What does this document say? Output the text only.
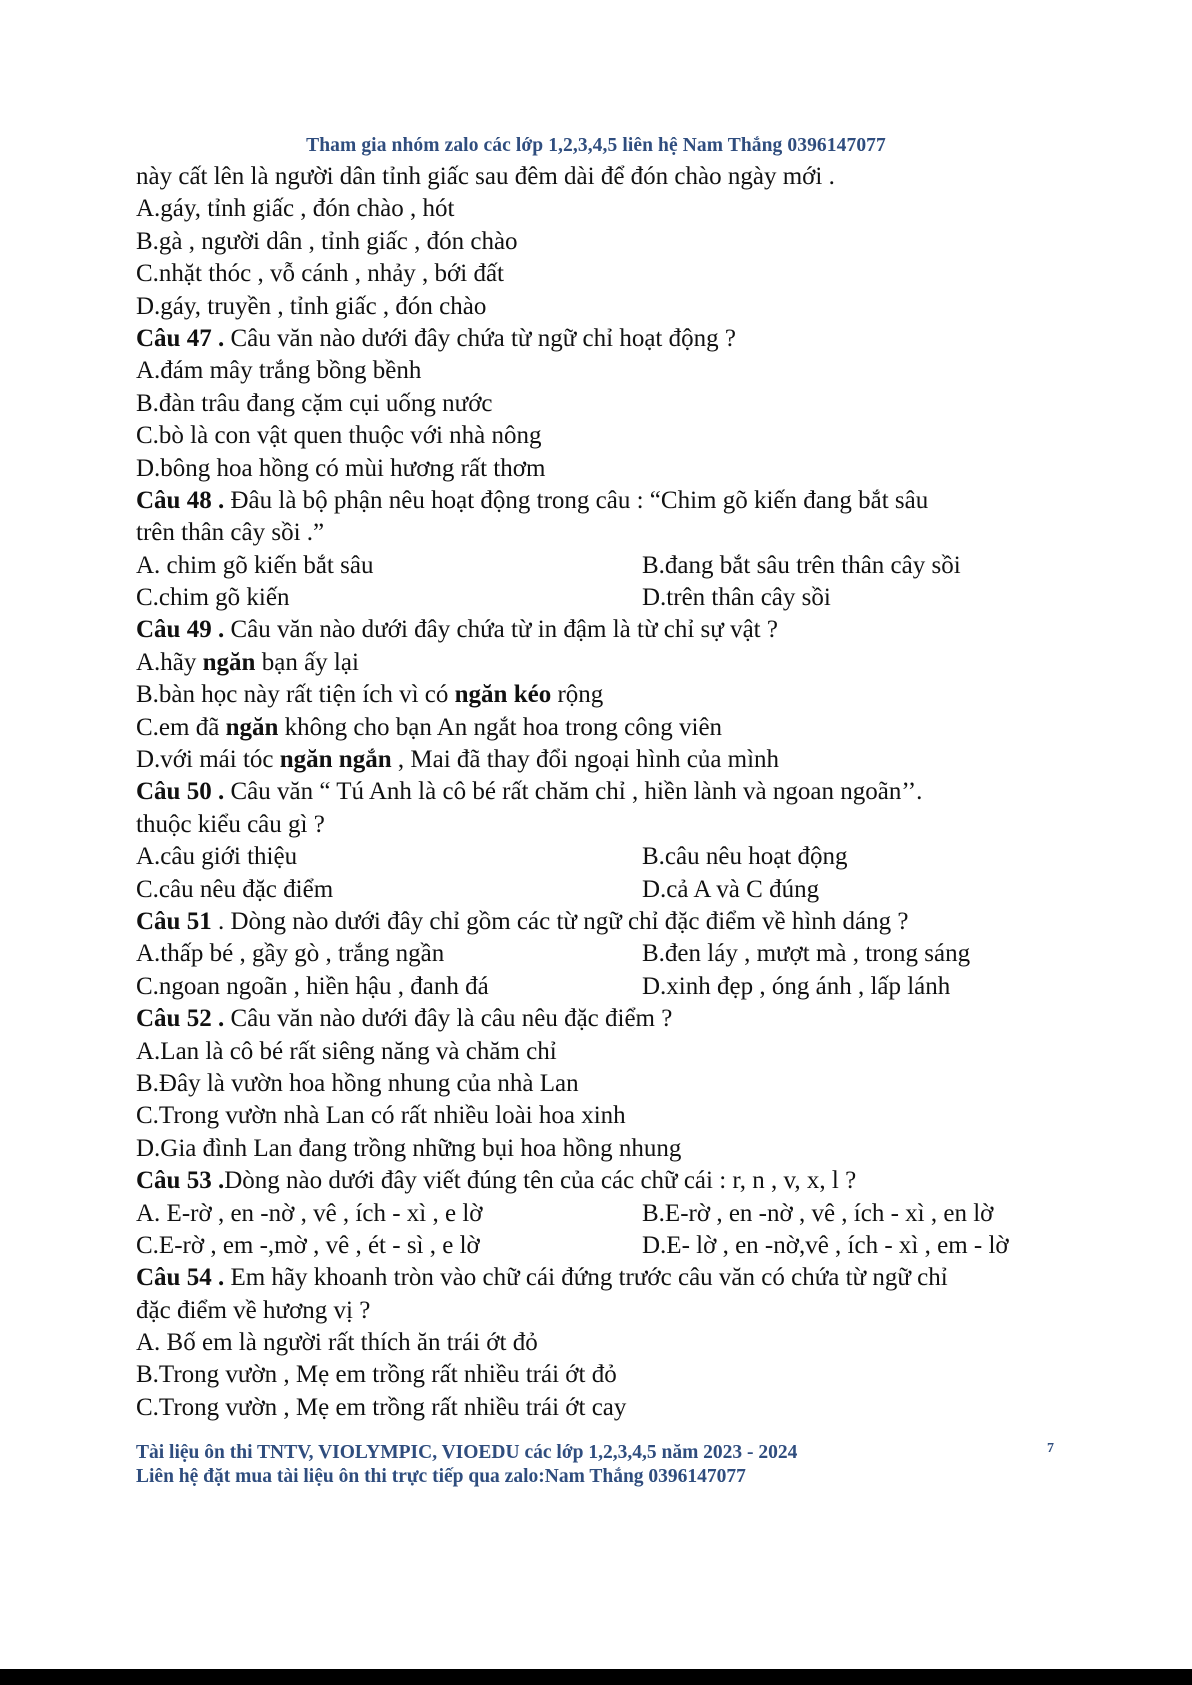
Tham gia nhóm zalo các lớp 1,2,3,4,5 liên hệ Nam Thắng 0396147077
này cất lên là người dân tỉnh giấc sau đêm dài để đón chào ngày mới .
A.gáy, tỉnh giấc , đón chào , hót
B.gà , người dân , tỉnh giấc , đón chào
C.nhặt thóc , vỗ cánh , nhảy , bới đất
D.gáy, truyền , tỉnh giấc , đón chào
Câu 47 . Câu văn nào dưới đây chứa từ ngữ chỉ hoạt động ?
A.đám mây trắng bồng bềnh
B.đàn trâu đang cặm cụi uống nước
C.bò là con vật quen thuộc với nhà nông
D.bông hoa hồng có mùi hương rất thơm
Câu 48 . Đâu là bộ phận nêu hoạt động trong câu : “Chim gõ kiến đang bắt sâu
trên thân cây sồi .”
A. chim gõ kiến bắt sâu	B.đang bắt sâu trên thân cây sồi
C.chim gõ kiến	D.trên thân cây sồi
Câu 49 . Câu văn nào dưới đây chứa từ in đậm là từ chỉ sự vật ?
A.hãy ngăn bạn ấy lại
B.bàn học này rất tiện ích vì có ngăn kéo rộng
C.em đã ngăn không cho bạn An ngắt hoa trong công viên
D.với mái tóc ngăn ngắn , Mai đã thay đổi ngoại hình của mình
Câu 50 . Câu văn “ Tú Anh là cô bé rất chăm chỉ , hiền lành và ngoan ngoãn’’.
thuộc kiểu câu gì ?
A.câu giới thiệu	B.câu nêu hoạt động
C.câu nêu đặc điểm	D.cả A và C đúng
Câu 51 . Dòng nào dưới đây chỉ gồm các từ ngữ chỉ đặc điểm về hình dáng ?
A.thấp bé , gầy gò , trắng ngần	B.đen láy , mượt mà , trong sáng
C.ngoan ngoãn , hiền hậu , đanh đá	D.xinh đẹp , óng ánh , lấp lánh
Câu 52 . Câu văn nào dưới đây là câu nêu đặc điểm ?
A.Lan là cô bé rất siêng năng và chăm chỉ
B.Đây là vườn hoa hồng nhung của nhà Lan
C.Trong vườn nhà Lan có rất nhiều loài hoa xinh
D.Gia đình Lan đang trồng những bụi hoa hồng nhung
Câu 53 .Dòng nào dưới đây viết đúng tên của các chữ cái : r, n , v, x, l ?
A. E-rờ , en -nờ , vê , ích - xì , e lờ	B.E-rờ , en -nờ , vê , ích - xì , en lờ
C.E-rờ , em -,mờ , vê , ét - sì , e lờ	D.E- lờ , en -nờ,vê , ích - xì , em - lờ
Câu 54 . Em hãy khoanh tròn vào chữ cái đứng trước câu văn có chứa từ ngữ chỉ
đặc điểm về hương vị ?
A. Bố em là người rất thích ăn trái ớt đỏ
B.Trong vườn , Mẹ em trồng rất nhiều trái ớt đỏ
C.Trong vườn , Mẹ em trồng rất nhiều trái ớt cay
Tài liệu ôn thi TNTV, VIOLYMPIC, VIOEDU các lớp 1,2,3,4,5 năm 2023 - 2024
Liên hệ đặt mua tài liệu ôn thi trực tiếp qua zalo:Nam Thắng 0396147077
7
